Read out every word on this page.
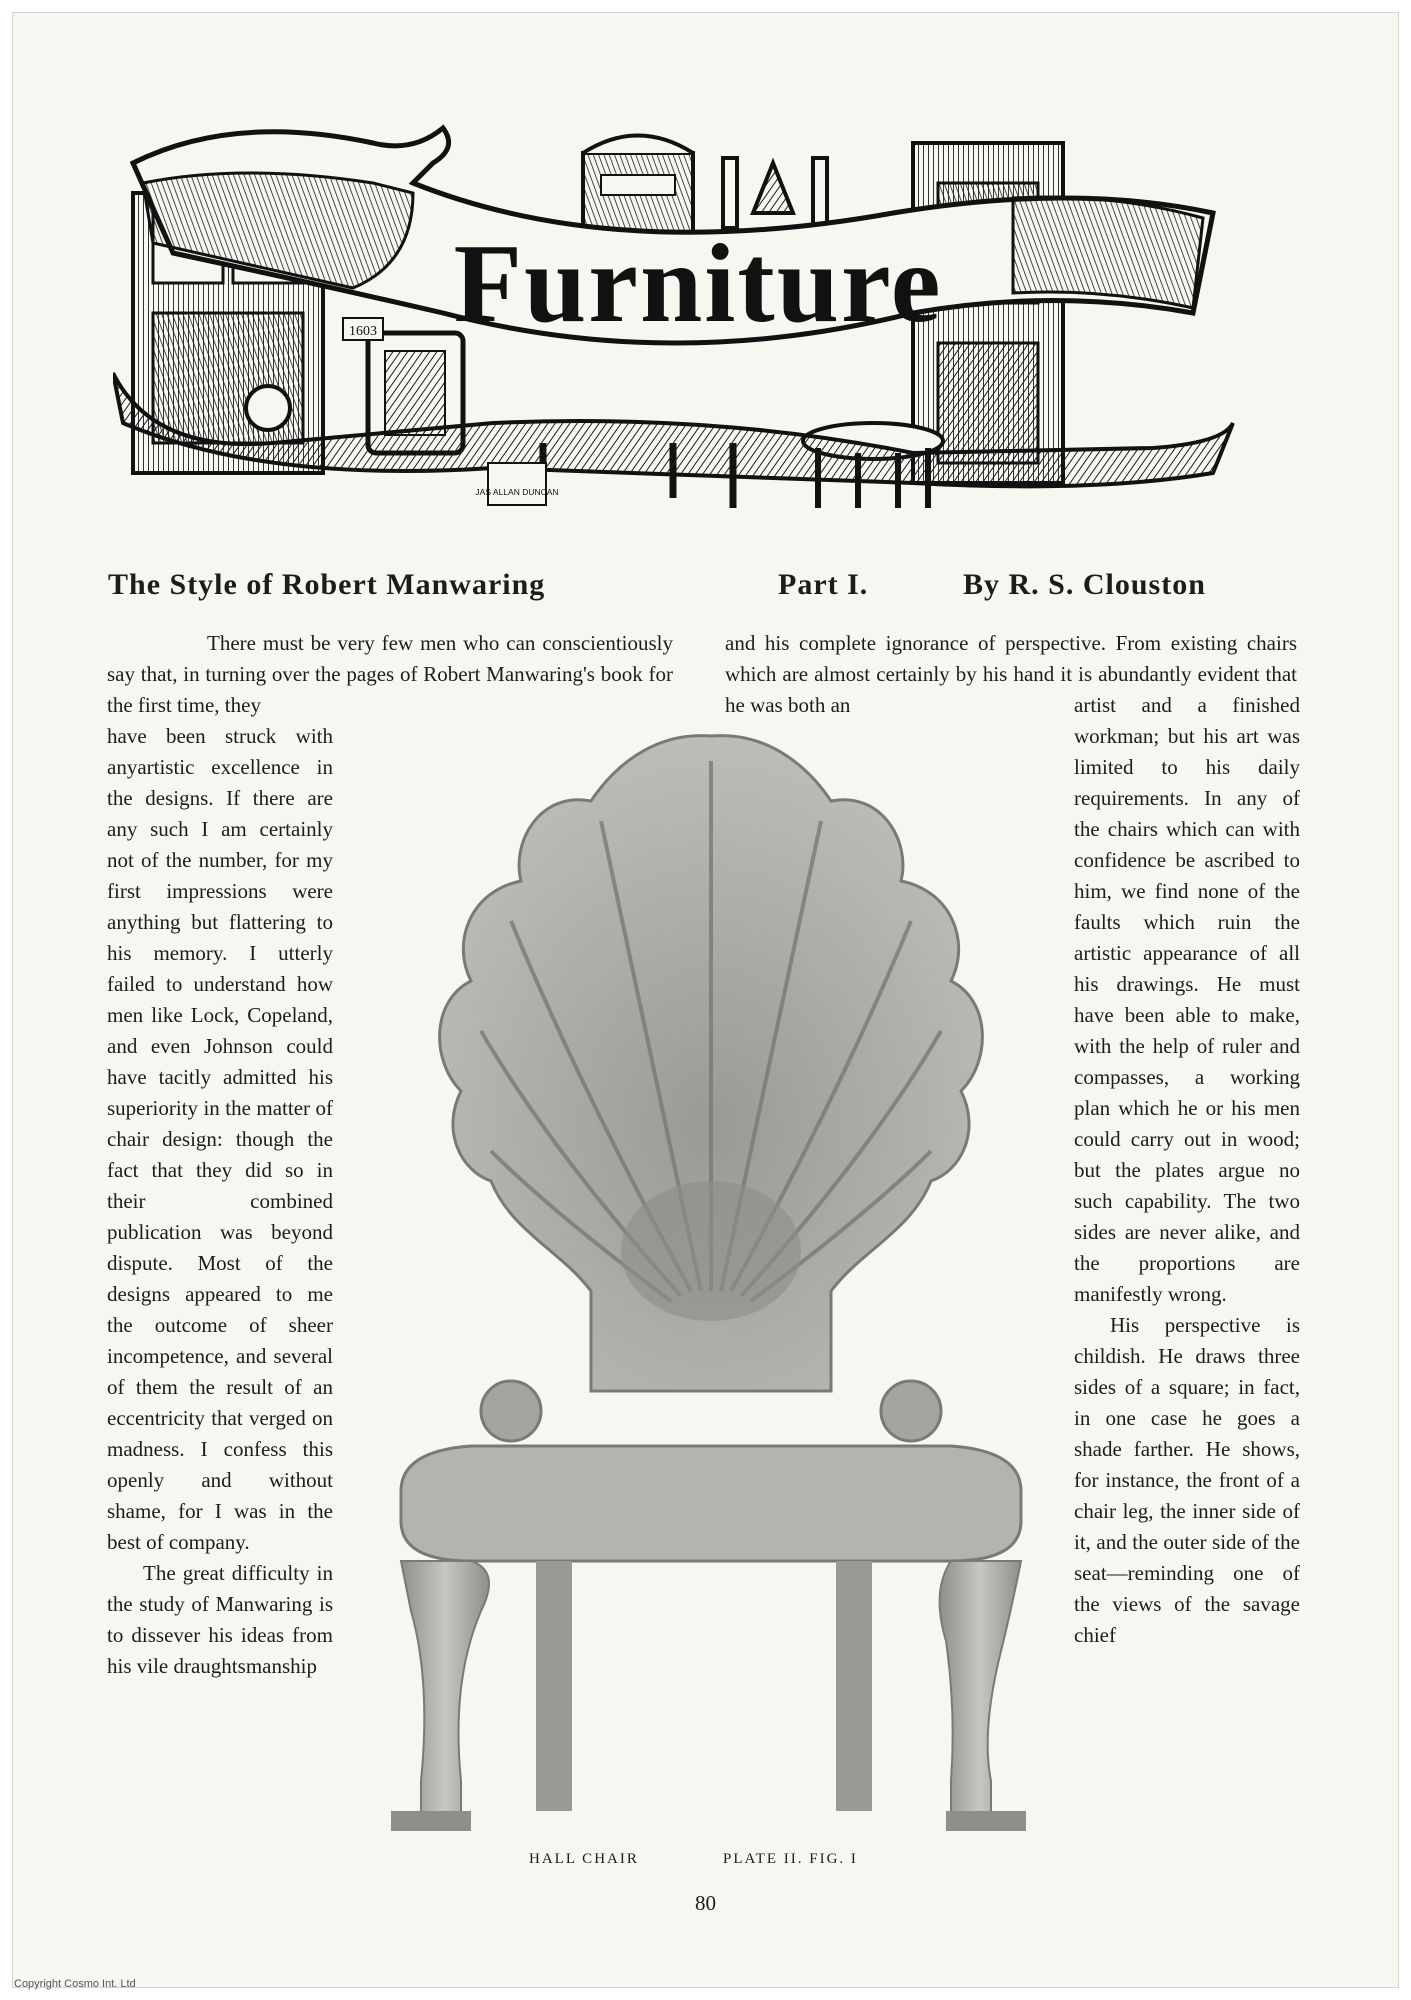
1603 Furniture
JAS ALLAN DUNCAN
The Style of Robert Manwaring	Part I.	By R. S. Clouston

There must be very few men who can conscientiously say that, in turning over the pages of Robert Manwaring's book for the first time, they

have been struck with anyartistic excellence in the designs. If there are any such I am certainly not of the number, for my first impressions were anything but flattering to his memory. I utterly failed to understand how men like Lock, Copeland, and even Johnson could have tacitly admitted his superiority in the matter of chair design: though the fact that they did so in their combined publication was beyond dispute. Most of the designs appeared to me the outcome of sheer incompetence, and several of them the result of an eccentricity that verged on madness. I confess this openly and without shame, for I was in the best of company.

The great difficulty in the study of Manwaring is to dissever his ideas from his vile draughtsmanship

and his complete ignorance of perspective. From existing chairs which are almost certainly by his hand it is abundantly evident that he was both an	artist and a finished workman; but his art was limited to his daily requirements. In any of the chairs which can with confidence be ascribed to him, we find none of the faults which ruin the artistic appearance of all his drawings. He must have been able to make, with the help of ruler and compasses, a working plan which he or his men could carry out in wood; but the plates argue no such capability. The two sides are never alike, and the proportions are manifestly wrong.

His perspective is childish. He draws three sides of a square; in fact, in one case he goes a shade farther. He shows, for instance, the front of a chair leg, the inner side of it, and the outer side of the seat—reminding one of the views of the savage chief

HALL CHAIR	PLATE II. FIG. I
80
Copyright Cosmo Int. Ltd
